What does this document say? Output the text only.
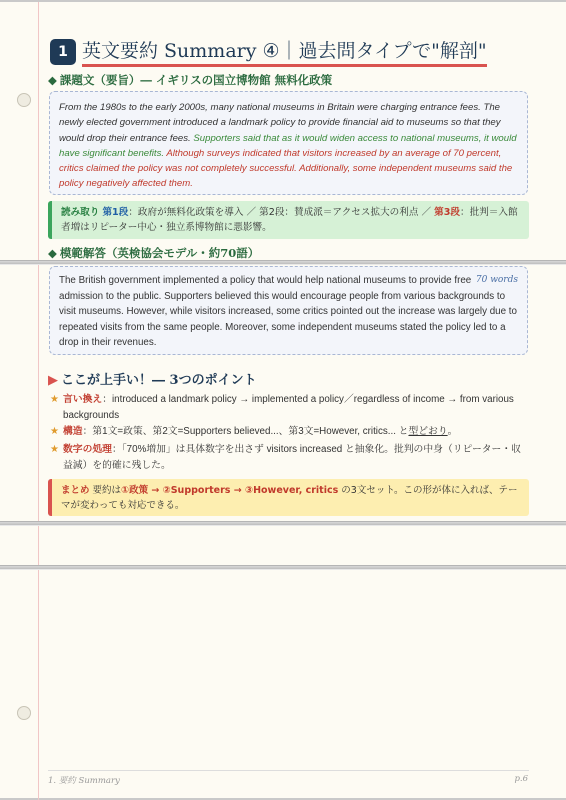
1 英文要約 Summary ④｜過去問タイプで"解剖"
◆ 課題文（要旨）― イギリスの国立博物館 無料化政策
From the 1980s to the early 2000s, many national museums in Britain were charging entrance fees. The newly elected government introduced a landmark policy to provide financial aid to museums so that they would drop their entrance fees. Supporters said that as it would widen access to national museums, it would have significant benefits. Although surveys indicated that visitors increased by an average of 70 percent, critics claimed the policy was not completely successful. Additionally, some independent museums said the policy negatively affected them.
読み取り 第1段：政府が無料化政策を導入 ／ 第2段：賛成派＝アクセス拡大の利点 ／ 第3段：批判＝入館者増はリピーター中心・独立系博物館に悪影響。
◆ 模範解答（英検協会モデル・約70語）
70 words
The British government implemented a policy that would help national museums to provide free admission to the public. Supporters believed this would encourage people from various backgrounds to visit museums. However, while visitors increased, some critics pointed out the increase was largely due to repeated visits from the same people. Moreover, some independent museums stated the policy led to a drop in their revenues.
▶ ここが上手い！― 3つのポイント
★ 言い換え：introduced a landmark policy → implemented a policy／regardless of income → from various backgrounds
★ 構造：第1文=政策、第2文=Supporters believed...、第3文=However, critics... と型どおり。
★ 数字の処理：「70%増加」は具体数字を出さず visitors increased と抽象化。批判の中身（リピーター・収益減）を的確に残した。
まとめ 要約は①政策 → ②Supporters → ③However, critics の3文セット。この形が体に入れば、テーマが変わっても対応できる。
1. 要約 Summary	p.6
